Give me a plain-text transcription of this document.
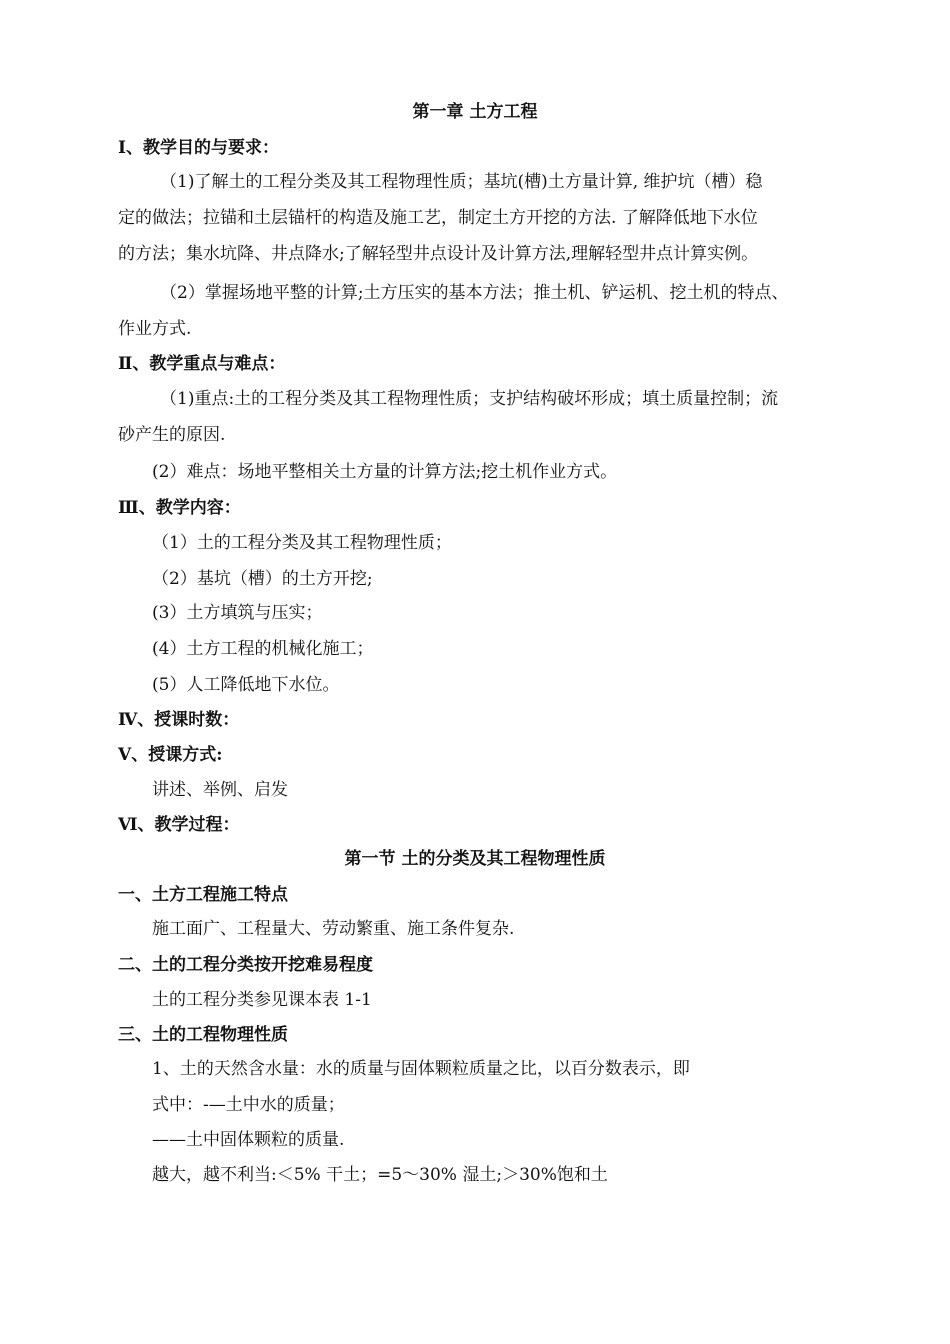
第一章 土方工程
Ⅰ、教学目的与要求：
（1)了解土的工程分类及其工程物理性质；基坑(槽)土方量计算, 维护坑（槽）稳
定的做法；拉锚和土层锚杆的构造及施工艺，制定土方开挖的方法. 了解降低地下水位
的方法；集水坑降、井点降水;了解轻型井点设计及计算方法,理解轻型井点计算实例。
（2）掌握场地平整的计算;土方压实的基本方法；推土机、铲运机、挖土机的特点、
作业方式.
Ⅱ、教学重点与难点：
（1)重点:土的工程分类及其工程物理性质；支护结构破坏形成；填土质量控制；流
砂产生的原因.
(2）难点：场地平整相关土方量的计算方法;挖土机作业方式。
Ⅲ、教学内容：
（1）土的工程分类及其工程物理性质；
（2）基坑（槽）的土方开挖;
(3）土方填筑与压实；
(4）土方工程的机械化施工；
(5）人工降低地下水位。
Ⅳ、授课时数：
Ⅴ、授课方式:
讲述、举例、启发
Ⅵ、教学过程：
第一节 土的分类及其工程物理性质
一、土方工程施工特点
施工面广、工程量大、劳动繁重、施工条件复杂.
二、土的工程分类按开挖难易程度
土的工程分类参见课本表 1-1
三、土的工程物理性质
1、土的天然含水量：水的质量与固体颗粒质量之比，以百分数表示，即
式中：-—土中水的质量；
——土中固体颗粒的质量.
越大，越不利当:＜5% 干土；=5～30% 湿土;＞30%饱和土
